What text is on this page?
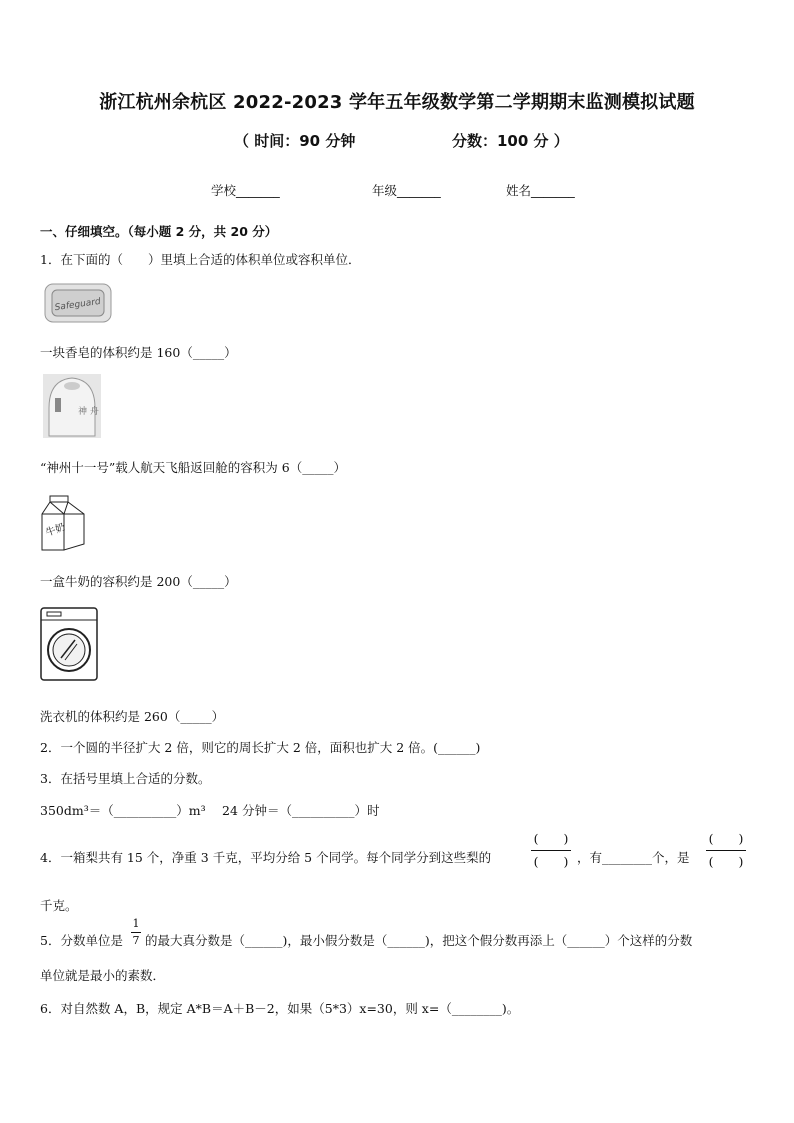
浙江杭州余杭区 2022-2023 学年五年级数学第二学期期末监测模拟试题
（ 时间：90 分钟	分数：100 分 ）
学校_______	年级_______	姓名_______
一、仔细填空。（每小题 2 分，共 20 分）
1．在下面的（　　）里填上合适的体积单位或容积单位．
Safeguard
一块香皂的体积约是 160（_____）
神 舟
“神州十一号”载人航天飞船返回舱的容积为 6（_____）
牛奶
一盒牛奶的容积约是 200（_____）
洗衣机的体积约是 260（_____）
2．一个圆的半径扩大 2 倍，则它的周长扩大 2 倍，面积也扩大 2 倍。(______)
3．在括号里填上合适的分数。
350dm³＝（__________）m³　 24 分钟＝（__________）时
4．一箱梨共有 15 个，净重 3 千克，平均分给 5 个同学。每个同学分到这些梨的
(　　)
(　　) ，有________个，是
(　　)
(　　)
千克。
5．分数单位是
1
7 的最大真分数是（______)，最小假分数是（______)，把这个假分数再添上（______）个这样的分数
单位就是最小的素数．
6．对自然数 A，B，规定 A*B＝A＋B－2，如果（5*3）x=30，则 x=（________)。
